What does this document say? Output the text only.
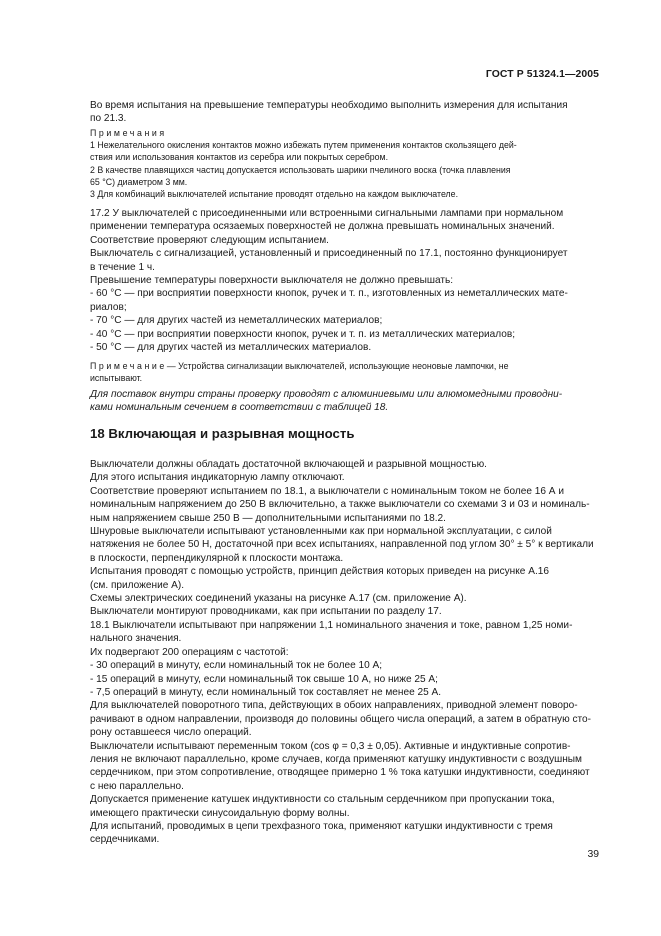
ГОСТ Р 51324.1—2005
Во время испытания на превышение температуры необходимо выполнить измерения для испытания
по 21.3.
Примечания
1 Нежелательного окисления контактов можно избежать путем применения контактов скользящего дей-
ствия или использования контактов из серебра или покрытых серебром.
2 В качестве плавящихся частиц допускается использовать шарики пчелиного воска (точка плавления
65 °С) диаметром 3 мм.
3 Для комбинаций выключателей испытание проводят отдельно на каждом выключателе.
17.2 У выключателей с присоединенными или встроенными сигнальными лампами при нормальном
применении температура осязаемых поверхностей не должна превышать номинальных значений.
Соответствие проверяют следующим испытанием.
Выключатель с сигнализацией, установленный и присоединенный по 17.1, постоянно функционирует
в течение 1 ч.
Превышение температуры поверхности выключателя не должно превышать:
- 60 °С — при восприятии поверхности кнопок, ручек и т. п., изготовленных из неметаллических мате-
риалов;
- 70 °С — для других частей из неметаллических материалов;
- 40 °С — при восприятии поверхности кнопок, ручек и т. п. из металлических материалов;
- 50 °С — для других частей из металлических материалов.
Примечание— Устройства сигнализации выключателей, использующие неоновые лампочки, не
испытывают.
Для поставок внутри страны проверку проводят с алюминиевыми или алюмомедными проводни-
ками номинальным сечением в соответствии с таблицей 18.
18 Включающая и разрывная мощность
Выключатели должны обладать достаточной включающей и разрывной мощностью.
Для этого испытания индикаторную лампу отключают.
Соответствие проверяют испытанием по 18.1, а выключатели с номинальным током не более 16 А и
номинальным напряжением до 250 В включительно, а также выключатели со схемами 3 и 03 и номиналь-
ным напряжением свыше 250 В — дополнительными испытаниями по 18.2.
Шнуровые выключатели испытывают установленными как при нормальной эксплуатации, с силой
натяжения не более 50 Н, достаточной при всех испытаниях, направленной под углом 30° ± 5° к вертикали
в плоскости, перпендикулярной к плоскости монтажа.
Испытания проводят с помощью устройств, принцип действия которых приведен на рисунке А.16
(см. приложение А).
Схемы электрических соединений указаны на рисунке А.17 (см. приложение А).
Выключатели монтируют проводниками, как при испытании по разделу 17.
18.1 Выключатели испытывают при напряжении 1,1 номинального значения и токе, равном 1,25 номи-
нального значения.
Их подвергают 200 операциям с частотой:
- 30 операций в минуту, если номинальный ток не более 10 А;
- 15 операций в минуту, если номинальный ток свыше 10 А, но ниже 25 А;
- 7,5 операций в минуту, если номинальный ток составляет не менее 25 А.
Для выключателей поворотного типа, действующих в обоих направлениях, приводной элемент поворо-
рачивают в одном направлении, производя до половины общего числа операций, а затем в обратную сто-
рону оставшееся число операций.
Выключатели испытывают переменным током (cos φ = 0,3 ± 0,05). Активные и индуктивные сопротив-
ления не включают параллельно, кроме случаев, когда применяют катушку индуктивности с воздушным
сердечником, при этом сопротивление, отводящее примерно 1 % тока катушки индуктивности, соединяют
с нею параллельно.
Допускается применение катушек индуктивности со стальным сердечником при пропускании тока,
имеющего практически синусоидальную форму волны.
Для испытаний, проводимых в цепи трехфазного тока, применяют катушки индуктивности с тремя
сердечниками.
39
